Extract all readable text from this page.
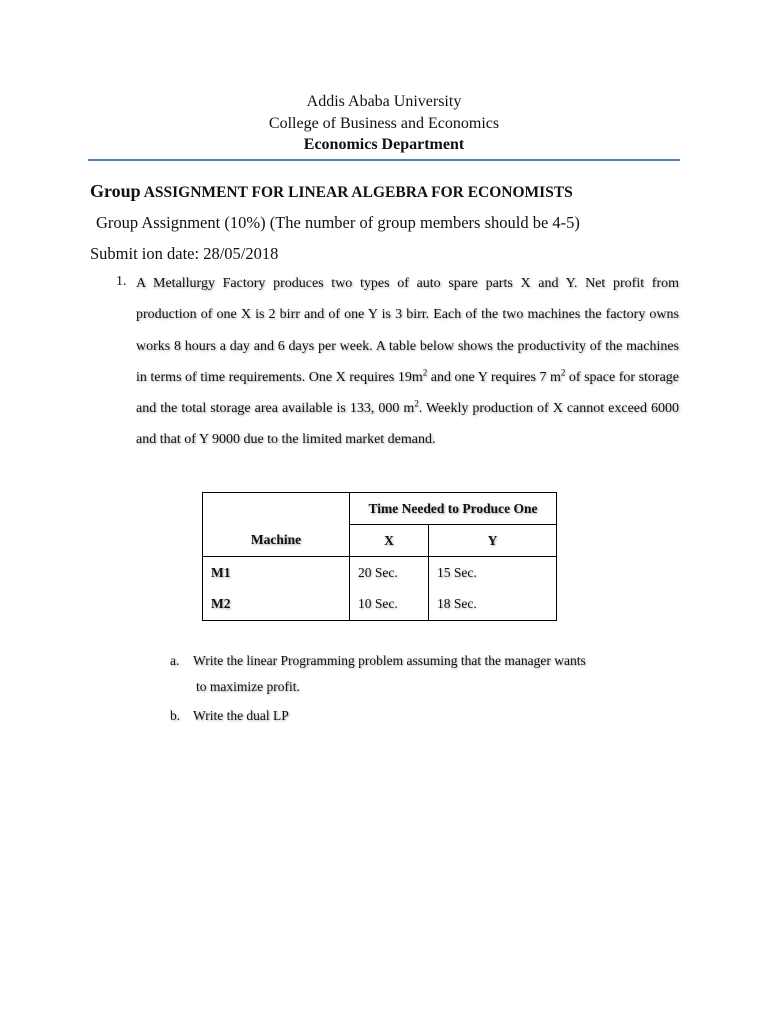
Addis Ababa University
College of Business and Economics
Economics Department
Group ASSIGNMENT FOR LINEAR ALGEBRA FOR ECONOMISTS
Group Assignment (10%) (The number of group members should be 4-5)
Submit ion date: 28/05/2018
1. A Metallurgy Factory produces two types of auto spare parts X and Y. Net profit from production of one X is 2 birr and of one Y is 3 birr. Each of the two machines the factory owns works 8 hours a day and 6 days per week. A table below shows the productivity of the machines in terms of time requirements. One X requires $19m^2$ and one Y requires 7 $m^2$ of space for storage and the total storage area available is 133, 000 $m^2$. Weekly production of X cannot exceed 6000 and that of Y 9000 due to the limited market demand.
	Time Needed to Produce One	
Machine	X	Y
M1	20 Sec.	15 Sec.
M2	10 Sec.	18 Sec.
a. Write the linear Programming problem assuming that the manager wants
to maximize profit.
b. Write the dual LP
